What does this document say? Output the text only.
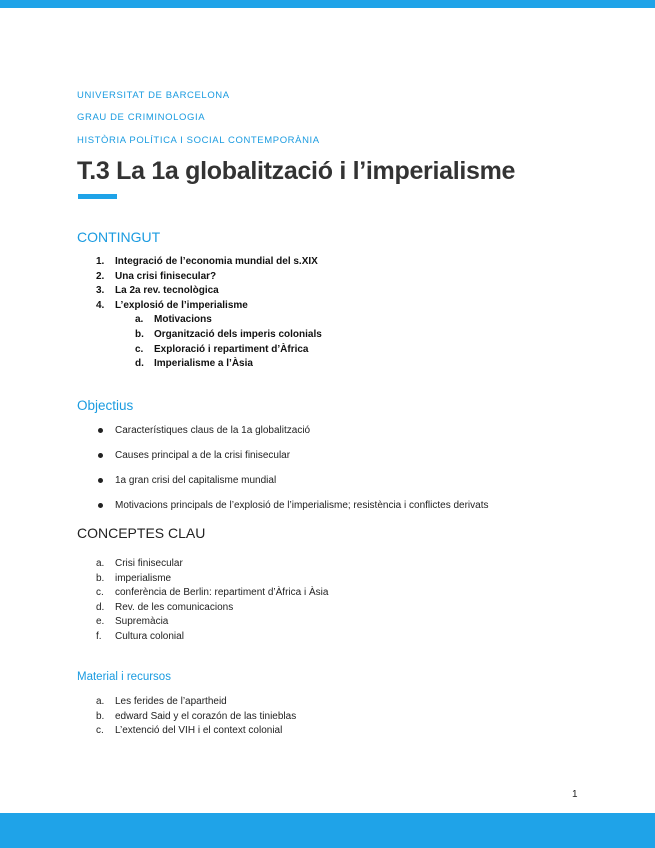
UNIVERSITAT DE BARCELONA
GRAU DE CRIMINOLOGIA
HISTÒRIA POLÍTICA I SOCIAL CONTEMPORÀNIA
T.3 La 1a globalització i l’imperialisme
CONTINGUT
1. Integració de l’economia mundial del s.XIX
2. Una crisi finisecular?
3. La 2a rev. tecnològica
4. L’explosió de l’imperialisme
a. Motivacions
b. Organització dels imperis colonials
c. Exploració i repartiment d’Àfrica
d. Imperialisme a l’Àsia
Objectius
Característiques claus de la 1a globalització
Causes principal a de la crisi finisecular
1a gran crisi del capitalisme mundial
Motivacions principals de l’explosió de l’imperialisme; resistència i conflictes derivats
CONCEPTES CLAU
a. Crisi finisecular
b. imperialisme
c. conferència de Berlin: repartiment d’Àfrica i Àsia
d. Rev. de les comunicacions
e. Supremàcia
f. Cultura colonial
Material i recursos
a. Les ferides de l’apartheid
b. edward Said y el corazón de las tinieblas
c. L’extenció del VIH i el context colonial
1
